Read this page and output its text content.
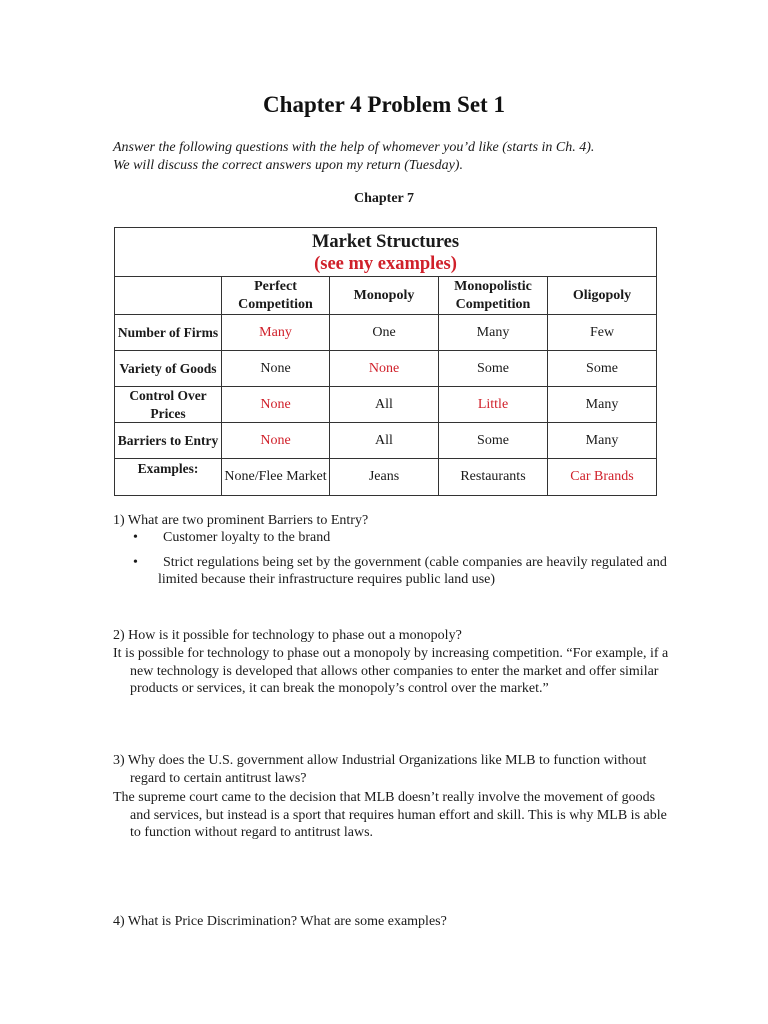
Chapter 4 Problem Set 1
Answer the following questions with the help of whomever you’d like (starts in Ch. 4).
We will discuss the correct answers upon my return (Tuesday).
Chapter 7
Market Structures
(see my examples)				

	Perfect Competition	Monopoly	Monopolistic Competition	Oligopoly
Number of Firms	Many	One	Many	Few
Variety of Goods	None	None	Some	Some
Control Over Prices	None	All	Little	Many
Barriers to Entry	None	All	Some	Many
Examples:	None/Flee Market	Jeans	Restaurants	Car Brands
1) What are two prominent Barriers to Entry?
• Customer loyalty to the brand
• Strict regulations being set by the government (cable companies are heavily regulated and limited because their infrastructure requires public land use)
2) How is it possible for technology to phase out a monopoly?
It is possible for technology to phase out a monopoly by increasing competition. “For example, if a new technology is developed that allows other companies to enter the market and offer similar products or services, it can break the monopoly’s control over the market.”
3) Why does the U.S. government allow Industrial Organizations like MLB to function without regard to certain antitrust laws?
The supreme court came to the decision that MLB doesn’t really involve the movement of goods and services, but instead is a sport that requires human effort and skill. This is why MLB is able to function without regard to antitrust laws.
4) What is Price Discrimination? What are some examples?
